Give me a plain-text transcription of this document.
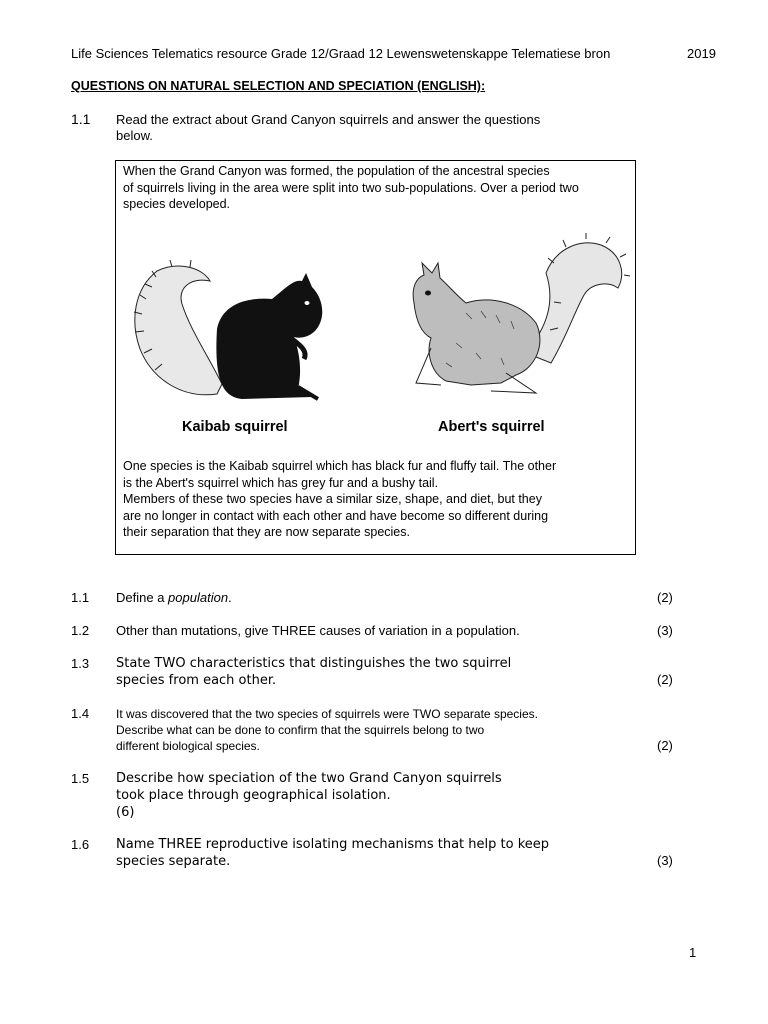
Life Sciences Telematics resource Grade 12/Graad 12 Lewenswetenskappe Telematiese bron	2019
QUESTIONS ON NATURAL SELECTION AND SPECIATION (ENGLISH):
1.1 Read the extract about Grand Canyon squirrels and answer the questions
below.
When the Grand Canyon was formed, the population of the ancestral species
of squirrels living in the area were split into two sub-populations. Over a period two
species developed.
Kaibab squirrel	Abert's squirrel
One species is the Kaibab squirrel which has black fur and fluffy tail. The other
is the Abert's squirrel which has grey fur and a bushy tail.
Members of these two species have a similar size, shape, and diet, but they
are no longer in contact with each other and have become so different during
their separation that they are now separate species.
1.1 Define a population.	(2)
1.2 Other than mutations, give THREE causes of variation in a population.	(3)
1.3 State TWO characteristics that distinguishes the two squirrel
species from each other.	(2)
1.4 It was discovered that the two species of squirrels were TWO separate species.
Describe what can be done to confirm that the squirrels belong to two
different biological species.	(2)
1.5 Describe how speciation of the two Grand Canyon squirrels
took place through geographical isolation.
(6)
1.6 Name THREE reproductive isolating mechanisms that help to keep
species separate.	(3)
1
